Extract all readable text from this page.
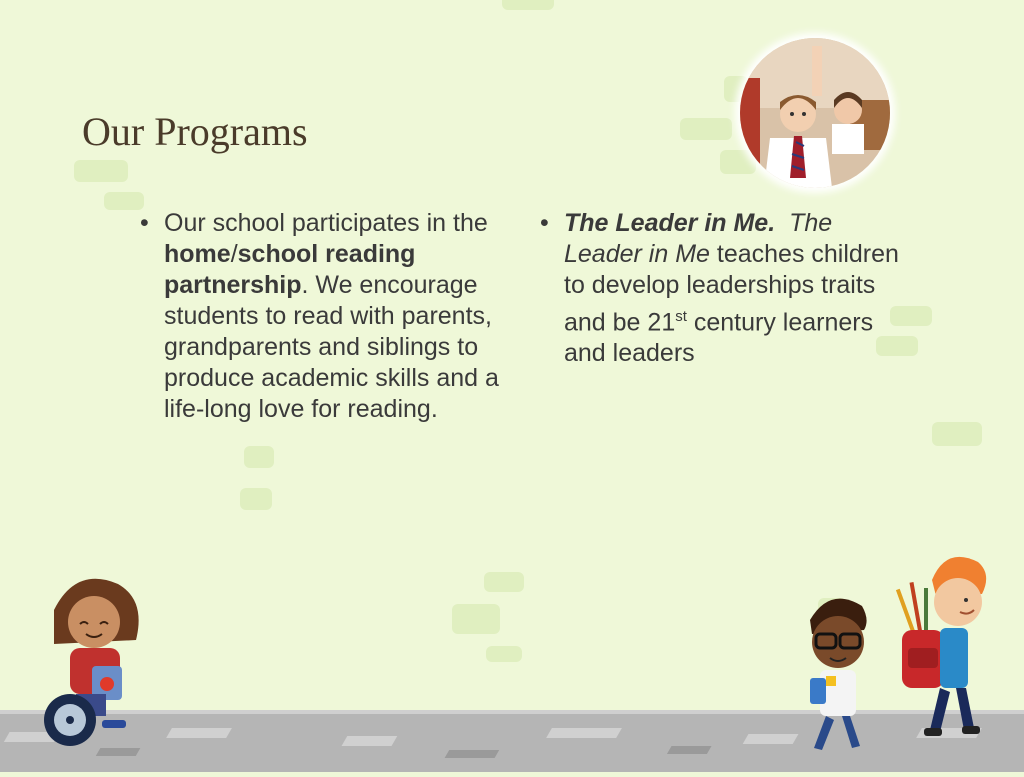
Our Programs
• Our school participates in the home/school reading partnership. We encourage students to read with parents, grandparents and siblings to produce academic skills and a life-long love for reading.

• The Leader in Me. The Leader in Me teaches children to develop leaderships traits and be 21st century learners and leaders
